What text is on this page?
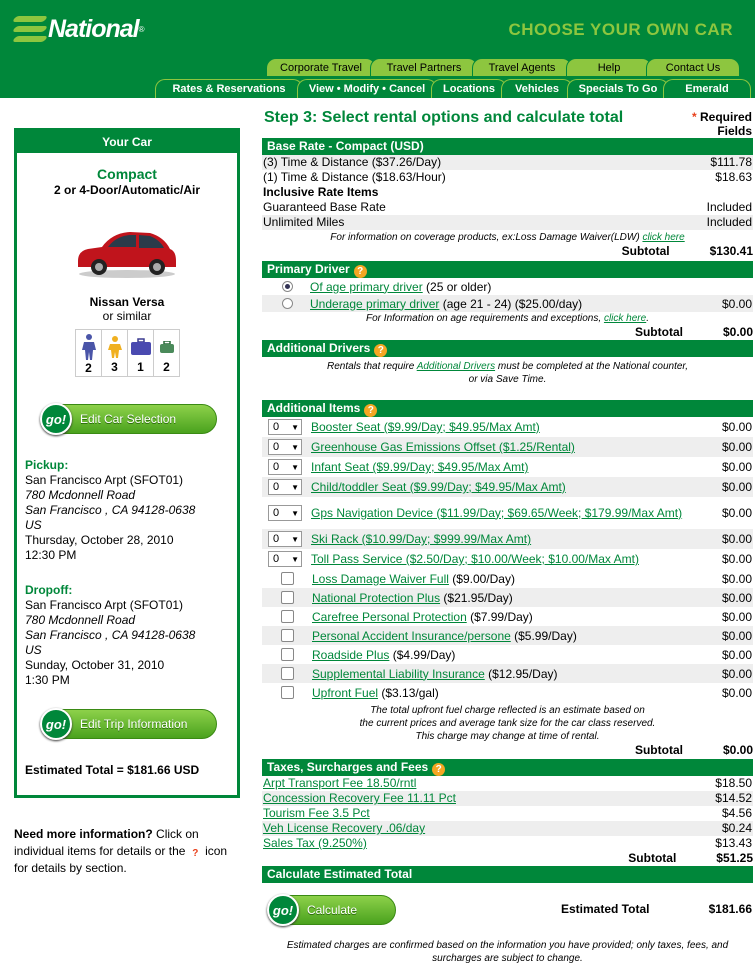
National ®	CHOOSE YOUR OWN CAR
Corporate Travel	Travel Partners	Travel Agents	Help	Contact Us
Rates & Reservations	View • Modify • Cancel	Locations	Vehicles	Specials To Go	Emerald Club
Your Car
Compact
2 or 4-Door/Automatic/Air
Nissan Versa
or similar
2 3 1 2
go!	Edit Car Selection
Pickup:
San Francisco Arpt (SFOT01)
780 Mcdonnell Road
San Francisco , CA 94128-0638
US
Thursday, October 28, 2010
12:30 PM
Dropoff:
San Francisco Arpt (SFOT01)
780 Mcdonnell Road
San Francisco , CA 94128-0638
US
Sunday, October 31, 2010
1:30 PM
go!	Edit Trip Information
Estimated Total = $181.66 USD
Need more information? Click on individual items for details or the ? icon for details by section.
Step 3: Select rental options and calculate total	* Required Fields
Base Rate - Compact (USD)
(3) Time & Distance ($37.26/Day)	$111.78
(1) Time & Distance ($18.63/Hour)	$18.63
Inclusive Rate Items
Guaranteed Base Rate	Included
Unlimited Miles	Included
For information on coverage products, ex:Loss Damage Waiver(LDW) click here
Subtotal	$130.41
Primary Driver ?
Of age primary driver (25 or older)
Underage primary driver (age 21 - 24) ($25.00/day)	$0.00
For Information on age requirements and exceptions, click here.
Subtotal	$0.00
Additional Drivers ?
Rentals that require Additional Drivers must be completed at the National counter,
or via Save Time.
Additional Items ?
0 ▼ Booster Seat ($9.99/Day; $49.95/Max Amt)	$0.00
0 ▼ Greenhouse Gas Emissions Offset ($1.25/Rental)	$0.00
0 ▼ Infant Seat ($9.99/Day; $49.95/Max Amt)	$0.00
0 ▼ Child/toddler Seat ($9.99/Day; $49.95/Max Amt)	$0.00
0 ▼ Gps Navigation Device ($11.99/Day; $69.65/Week; $179.99/Max Amt)	$0.00
0 ▼ Ski Rack ($10.99/Day; $999.99/Max Amt)	$0.00
0 ▼ Toll Pass Service ($2.50/Day; $10.00/Week; $10.00/Max Amt)	$0.00
Loss Damage Waiver Full ($9.00/Day)	$0.00
National Protection Plus ($21.95/Day)	$0.00
Carefree Personal Protection ($7.99/Day)	$0.00
Personal Accident Insurance/persone ($5.99/Day)	$0.00
Roadside Plus ($4.99/Day)	$0.00
Supplemental Liability Insurance ($12.95/Day)	$0.00
Upfront Fuel ($3.13/gal)	$0.00
The total upfront fuel charge reflected is an estimate based on
the current prices and average tank size for the car class reserved.
This charge may change at time of rental.
Subtotal	$0.00
Taxes, Surcharges and Fees ?
Arpt Transport Fee 18.50/rntl	$18.50
Concession Recovery Fee 11.11 Pct	$14.52
Tourism Fee 3.5 Pct	$4.56
Veh License Recovery .06/day	$0.24
Sales Tax (9.250%)	$13.43
Subtotal	$51.25
Calculate Estimated Total
go!	Calculate	Estimated Total	$181.66
Estimated charges are confirmed based on the information you have provided; only taxes, fees, and
surcharges are subject to change.
